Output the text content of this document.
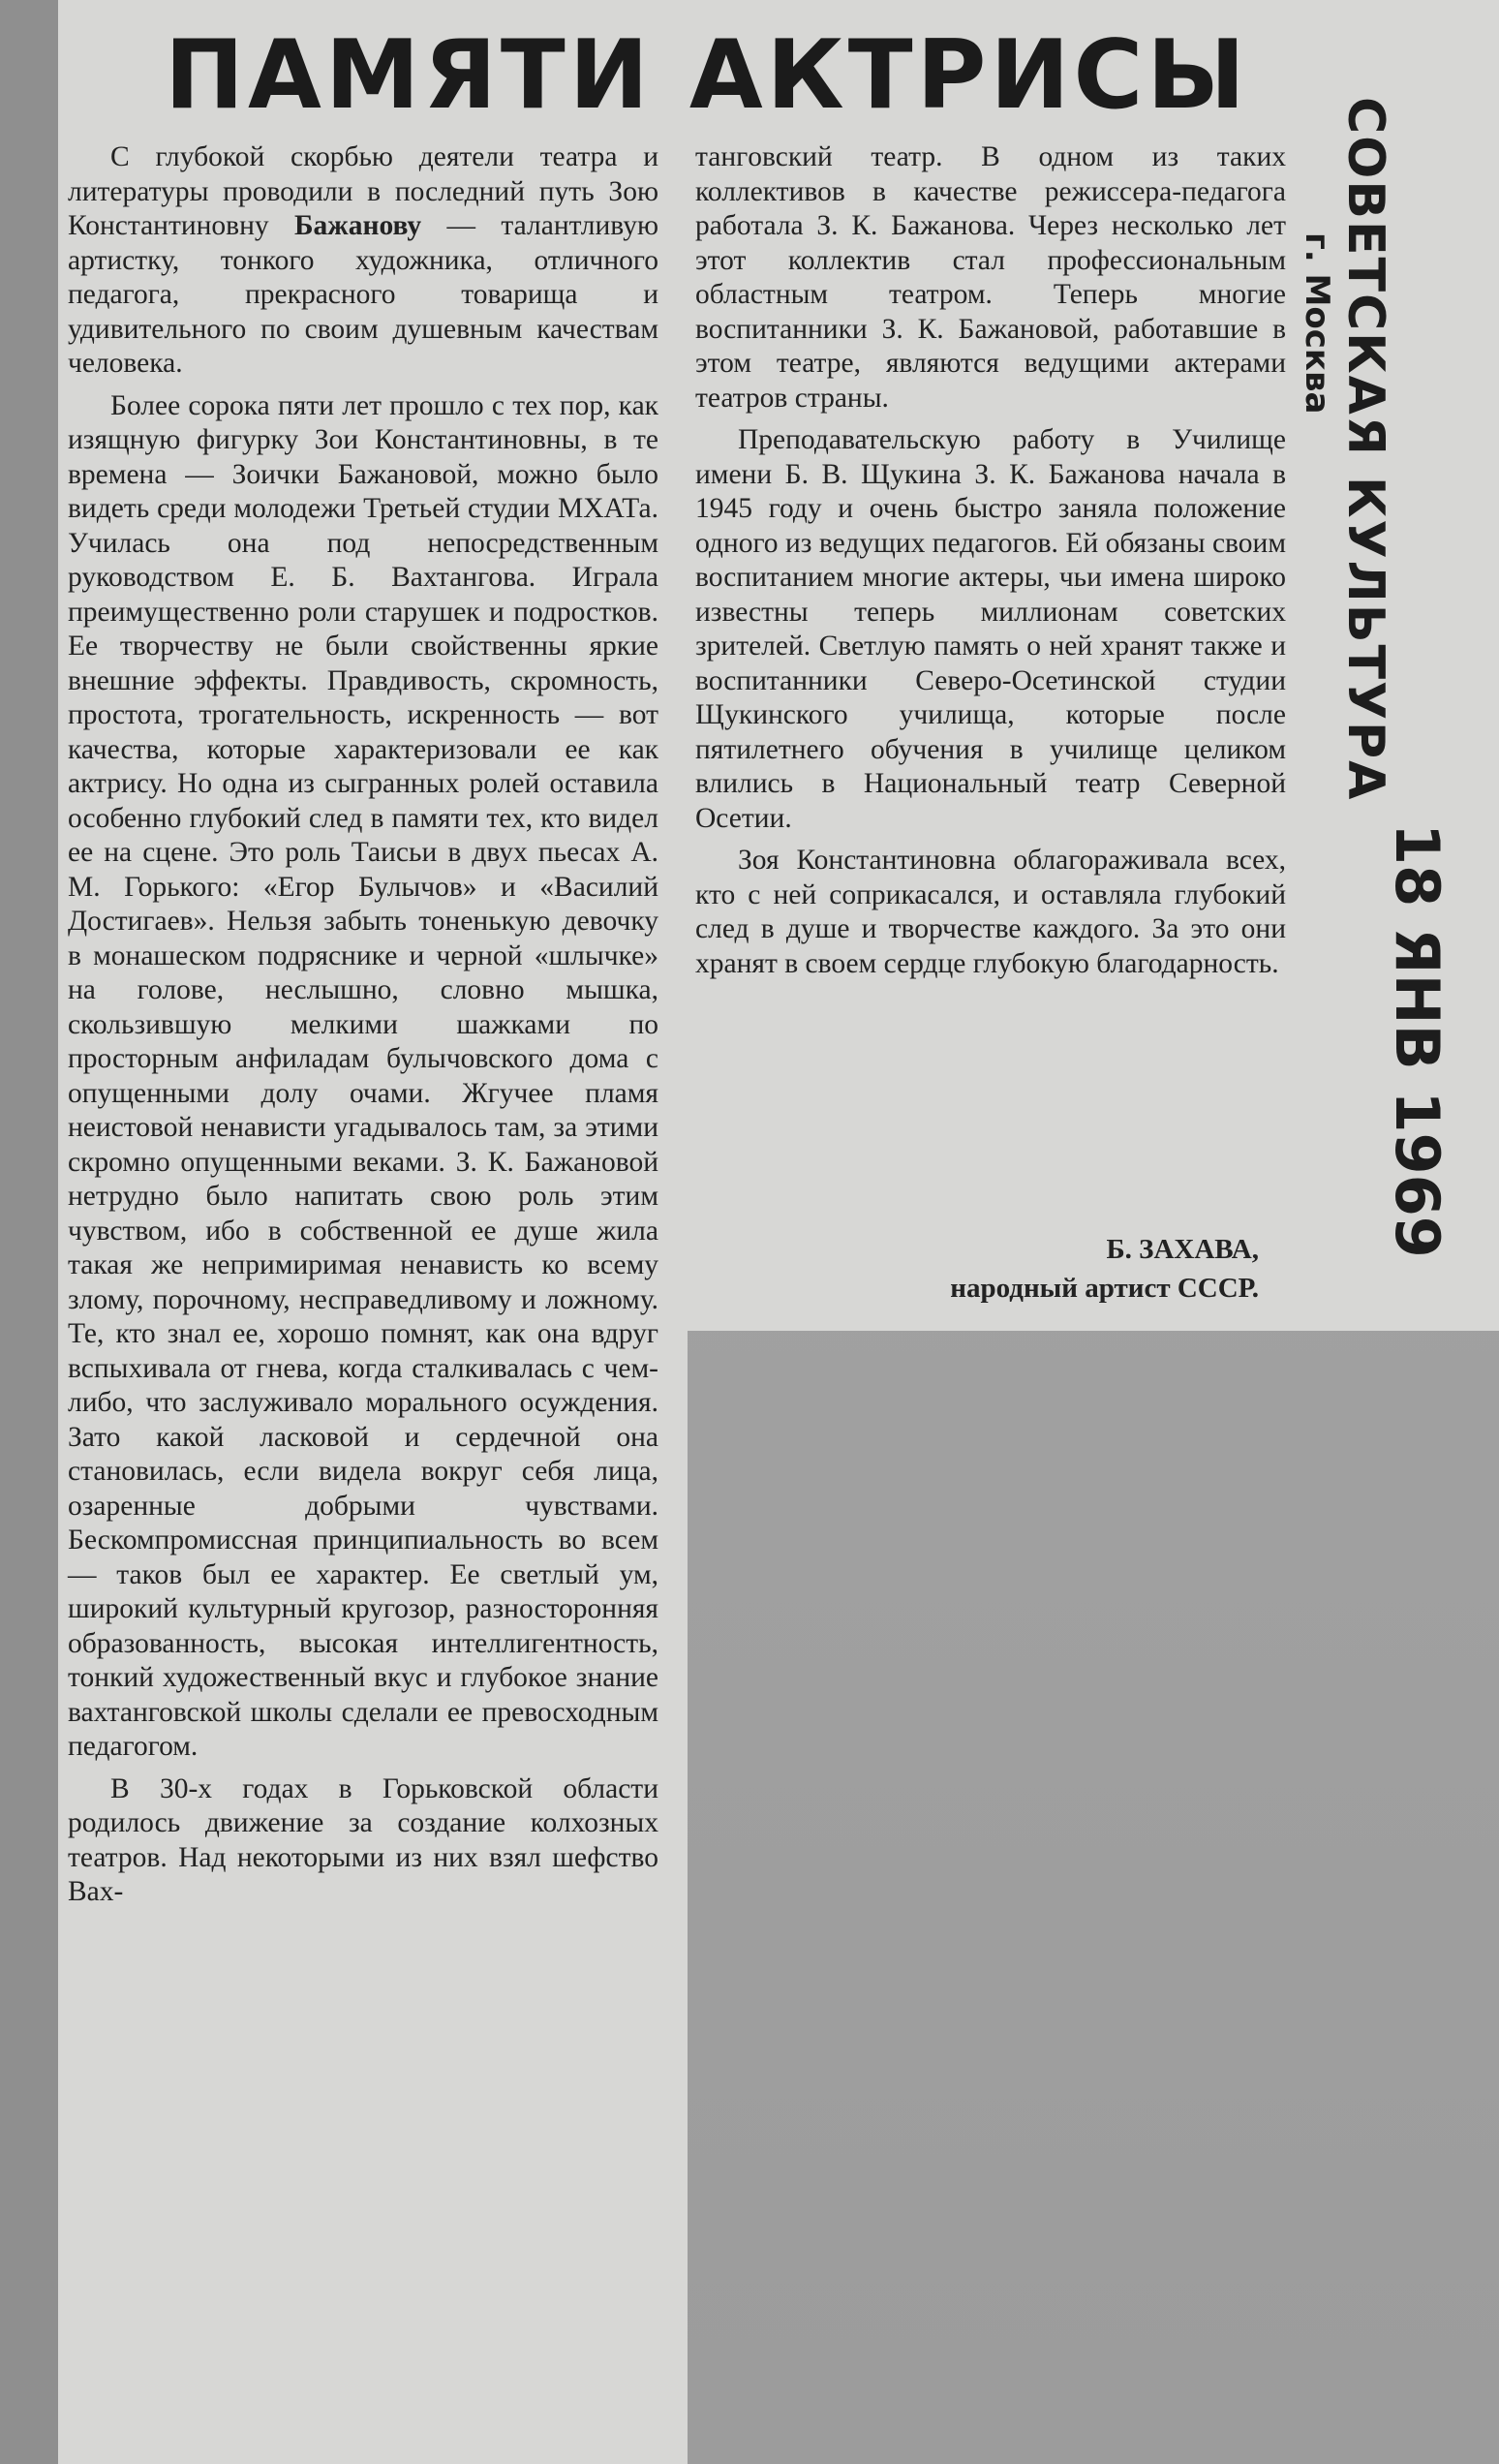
ПАМЯТИ АКТРИСЫ

С глубокой скорбью деятели театра и литературы проводили в последний путь Зою Константиновну Бажанову — талантливую артистку, тонкого художника, отличного педагога, прекрасного товарища и удивительного по своим душевным качествам человека.

Более сорока пяти лет прошло с тех пор, как изящную фигурку Зои Константиновны, в те времена — Зоички Бажановой, можно было видеть среди молодежи Третьей студии МХАТа. Училась она под непосредственным руководством Е. Б. Вахтангова. Играла преимущественно роли старушек и подростков. Ее творчеству не были свойственны яркие внешние эффекты. Правдивость, скромность, простота, трогательность, искренность — вот качества, которые характеризовали ее как актрису. Но одна из сыгранных ролей оставила особенно глубокий след в памяти тех, кто видел ее на сцене. Это роль Таисьи в двух пьесах А. М. Горького: «Егор Булычов» и «Василий Достигаев». Нельзя забыть тоненькую девочку в монашеском подряснике и черной «шлычке» на голове, неслышно, словно мышка, скользившую мелкими шажками по просторным анфиладам булычовского дома с опущенными долу очами. Жгучее пламя неистовой ненависти угадывалось там, за этими скромно опущенными веками. З. К. Бажановой нетрудно было напитать свою роль этим чувством, ибо в собственной ее душе жила такая же непримиримая ненависть ко всему злому, порочному, несправедливому и ложному. Те, кто знал ее, хорошо помнят, как она вдруг вспыхивала от гнева, когда сталкивалась с чем-либо, что заслуживало морального осуждения. Зато какой ласковой и сердечной она становилась, если видела вокруг себя лица, озаренные добрыми чувствами. Бескомпромиссная принципиальность во всем — таков был ее характер. Ее светлый ум, широкий культурный кругозор, разносторонняя образованность, высокая интеллигентность, тонкий художественный вкус и глубокое знание вахтанговской школы сделали ее превосходным педагогом.

В 30-х годах в Горьковской области родилось движение за создание колхозных театров. Над некоторыми из них взял шефство Вах-

тангoвский театр. В одном из таких коллективов в качестве режиссера-педагога работала З. К. Бажанова. Через несколько лет этот коллектив стал профессиональным областным театром. Теперь многие воспитанники З. К. Бажановой, работавшие в этом театре, являются ведущими актерами театров страны.

Преподавательскую работу в Училище имени Б. В. Щукина З. К. Бажанова начала в 1945 году и очень быстро заняла положение одного из ведущих педагогов. Ей обязаны своим воспитанием многие актеры, чьи имена широко известны теперь миллионам советских зрителей. Светлую память о ней хранят также и воспитанники Северо-Осетинской студии Щукинского училища, которые после пятилетнего обучения в училище целиком влились в Национальный театр Северной Осетии.

Зоя Константиновна облагораживала всех, кто с ней соприкасался, и оставляла глубокий след в душе и творчестве каждого. За это они хранят в своем сердце глубокую благодарность.

Б. ЗАХАВА,
народный артист СССР.
СОВЕТСКАЯ КУЛЬТУРА
г. Москва
18 ЯНВ 1969
